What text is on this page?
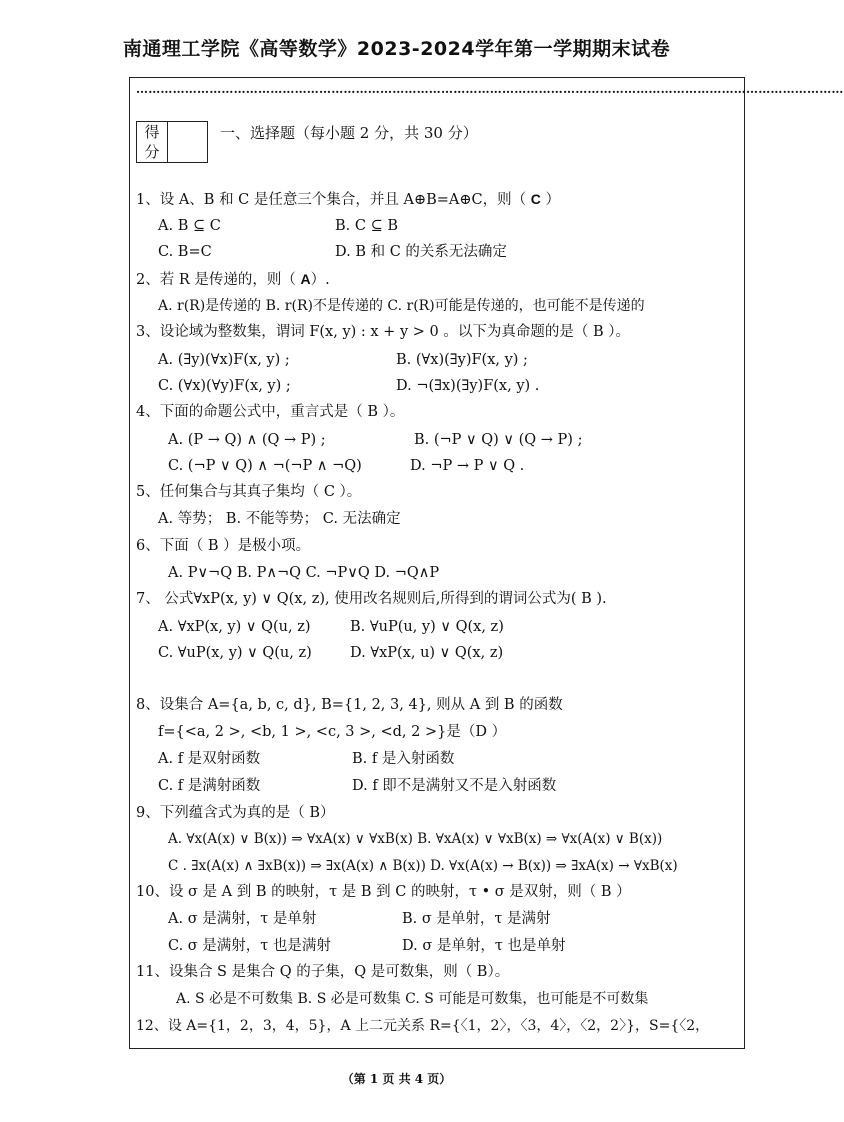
南通理工学院《高等数学》2023-2024学年第一学期期末试卷
…………………………………………………………………………………………………………………………………………………………
得
分
一、选择题（每小题 2 分，共 30 分）
1、设 A、B 和 C 是任意三个集合，并且 A⊕B=A⊕C，则（ C ）
A. B ⊆ C	B. C ⊆ B
C. B=C	D. B 和 C 的关系无法确定
2、若 R 是传递的，则（ A）.
A. r(R)是传递的 B. r(R)不是传递的 C. r(R)可能是传递的，也可能不是传递的
3、设论域为整数集，谓词 F(x, y) : x + y > 0 。以下为真命题的是（ B ）。
A. (∃y)(∀x)F(x, y) ;	B. (∀x)(∃y)F(x, y) ;
C. (∀x)(∀y)F(x, y) ;	D. ¬(∃x)(∃y)F(x, y) .
4、下面的命题公式中，重言式是（ B ）。
A. (P → Q) ∧ (Q → P) ;	B. (¬P ∨ Q) ∨ (Q → P) ;
C. (¬P ∨ Q) ∧ ¬(¬P ∧ ¬Q)	D. ¬P → P ∨ Q .
5、任何集合与其真子集均（ C ）。
A. 等势； B. 不能等势； C. 无法确定
6、下面（ B ）是极小项。
A. P∨¬Q B. P∧¬Q C. ¬P∨Q D. ¬Q∧P
7、 公式∀xP(x, y) ∨ Q(x, z), 使用改名规则后,所得到的谓词公式为( B ).
A. ∀xP(x, y) ∨ Q(u, z)	B. ∀uP(u, y) ∨ Q(x, z)
C. ∀uP(x, y) ∨ Q(u, z)	D. ∀xP(x, u) ∨ Q(x, z)
8、设集合 A={a, b, c, d}, B={1, 2, 3, 4}, 则从 A 到 B 的函数
f={<a, 2 >, <b, 1 >, <c, 3 >, <d, 2 >}是（D ）
A. f 是双射函数	B. f 是入射函数
C. f 是满射函数	D. f 即不是满射又不是入射函数
9、下列蕴含式为真的是（ B）
A. ∀x(A(x) ∨ B(x)) ⇒ ∀xA(x) ∨ ∀xB(x) B. ∀xA(x) ∨ ∀xB(x) ⇒ ∀x(A(x) ∨ B(x))
C . ∃x(A(x) ∧ ∃xB(x)) ⇒ ∃x(A(x) ∧ B(x)) D. ∀x(A(x) → B(x)) ⇒ ∃xA(x) → ∀xB(x)
10、设 σ 是 A 到 B 的映射，τ 是 B 到 C 的映射，τ • σ 是双射，则（ B ）
A. σ 是满射，τ 是单射	B. σ 是单射，τ 是满射
C. σ 是满射，τ 也是满射	D. σ 是单射，τ 也是单射
11、设集合 S 是集合 Q 的子集，Q 是可数集，则（ B）。
A. S 必是不可数集 B. S 必是可数集 C. S 可能是可数集，也可能是不可数集
12、设 A={1，2，3，4，5}，A 上二元关系 R={〈1，2〉，〈3，4〉，〈2，2〉}，S={〈2，
（第 1 页 共 4 页）
